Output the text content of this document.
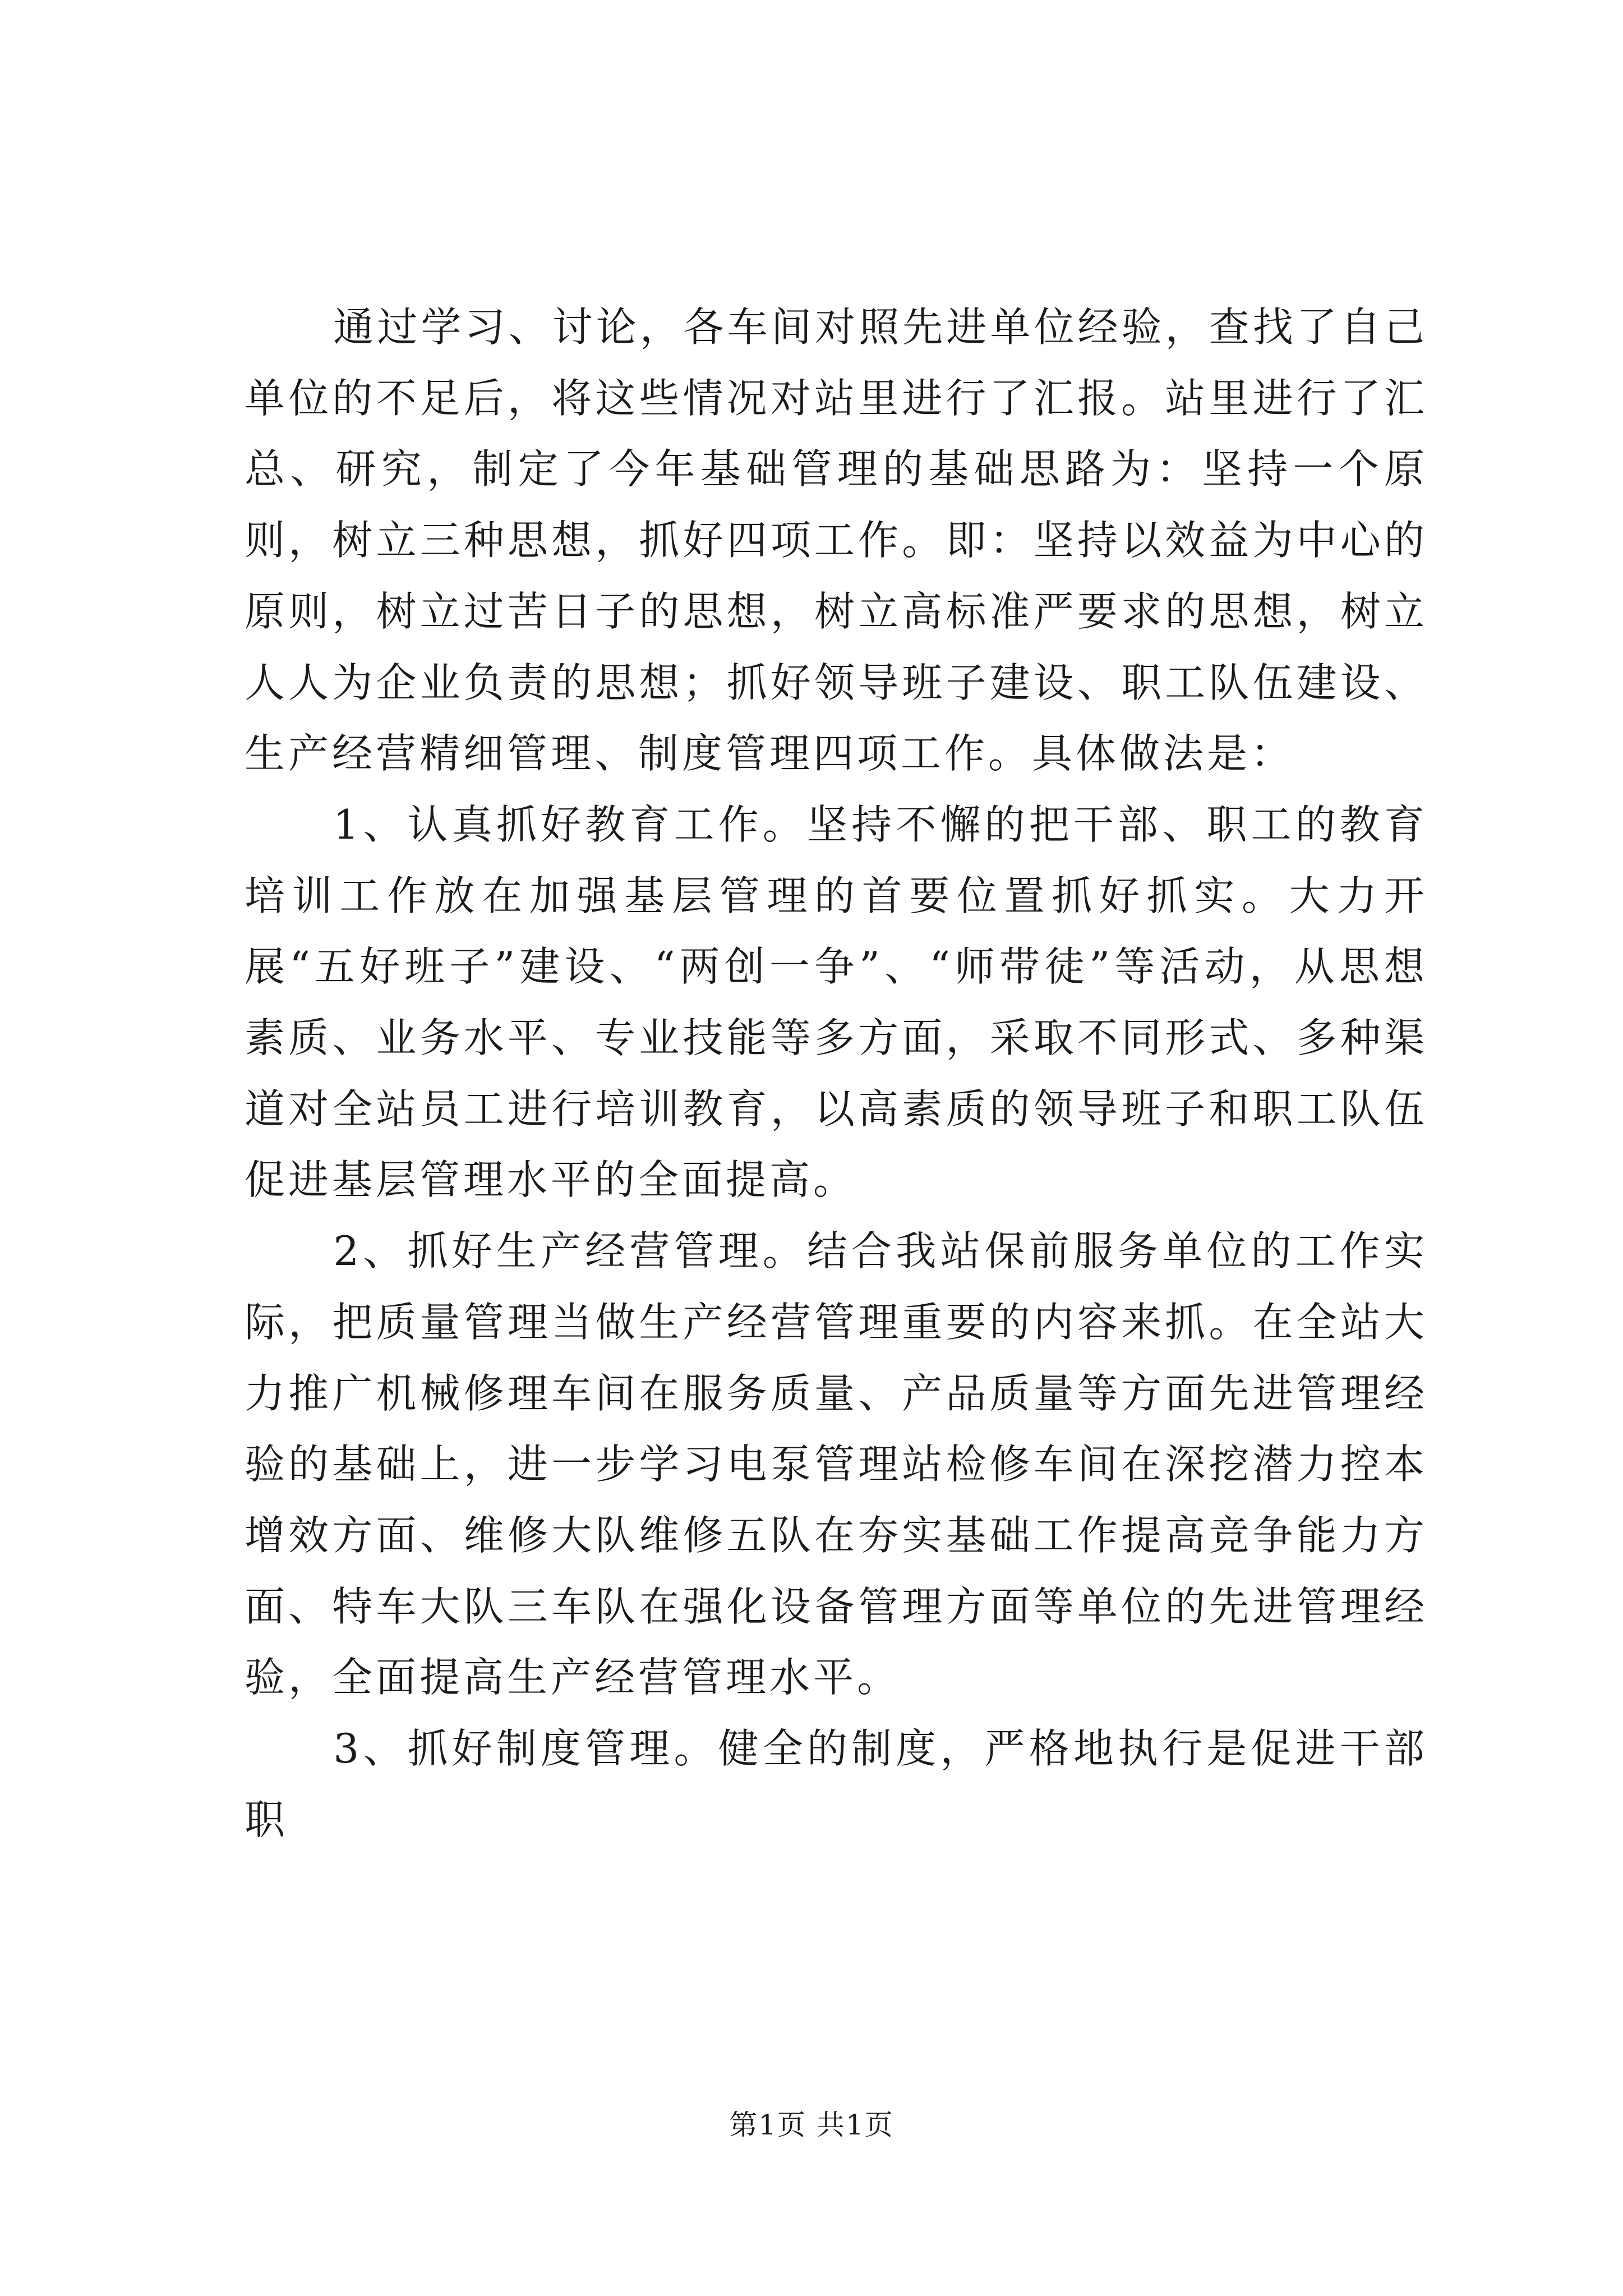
通过学习、讨论，各车间对照先进单位经验，查找了自己单位的不足后，将这些情况对站里进行了汇报。站里进行了汇总、研究，制定了今年基础管理的基础思路为：坚持一个原则，树立三种思想，抓好四项工作。即：坚持以效益为中心的原则，树立过苦日子的思想，树立高标准严要求的思想，树立人人为企业负责的思想；抓好领导班子建设、职工队伍建设、生产经营精细管理、制度管理四项工作。具体做法是：

1、认真抓好教育工作。坚持不懈的把干部、职工的教育培训工作放在加强基层管理的首要位置抓好抓实。大力开展“五好班子”建设、“两创一争”、“师带徒”等活动，从思想素质、业务水平、专业技能等多方面，采取不同形式、多种渠道对全站员工进行培训教育，以高素质的领导班子和职工队伍促进基层管理水平的全面提高。

2、抓好生产经营管理。结合我站保前服务单位的工作实际，把质量管理当做生产经营管理重要的内容来抓。在全站大力推广机械修理车间在服务质量、产品质量等方面先进管理经验的基础上，进一步学习电泵管理站检修车间在深挖潜力控本增效方面、维修大队维修五队在夯实基础工作提高竞争能力方面、特车大队三车队在强化设备管理方面等单位的先进管理经验，全面提高生产经营管理水平。

3、抓好制度管理。健全的制度，严格地执行是促进干部职

第1页 共1页
